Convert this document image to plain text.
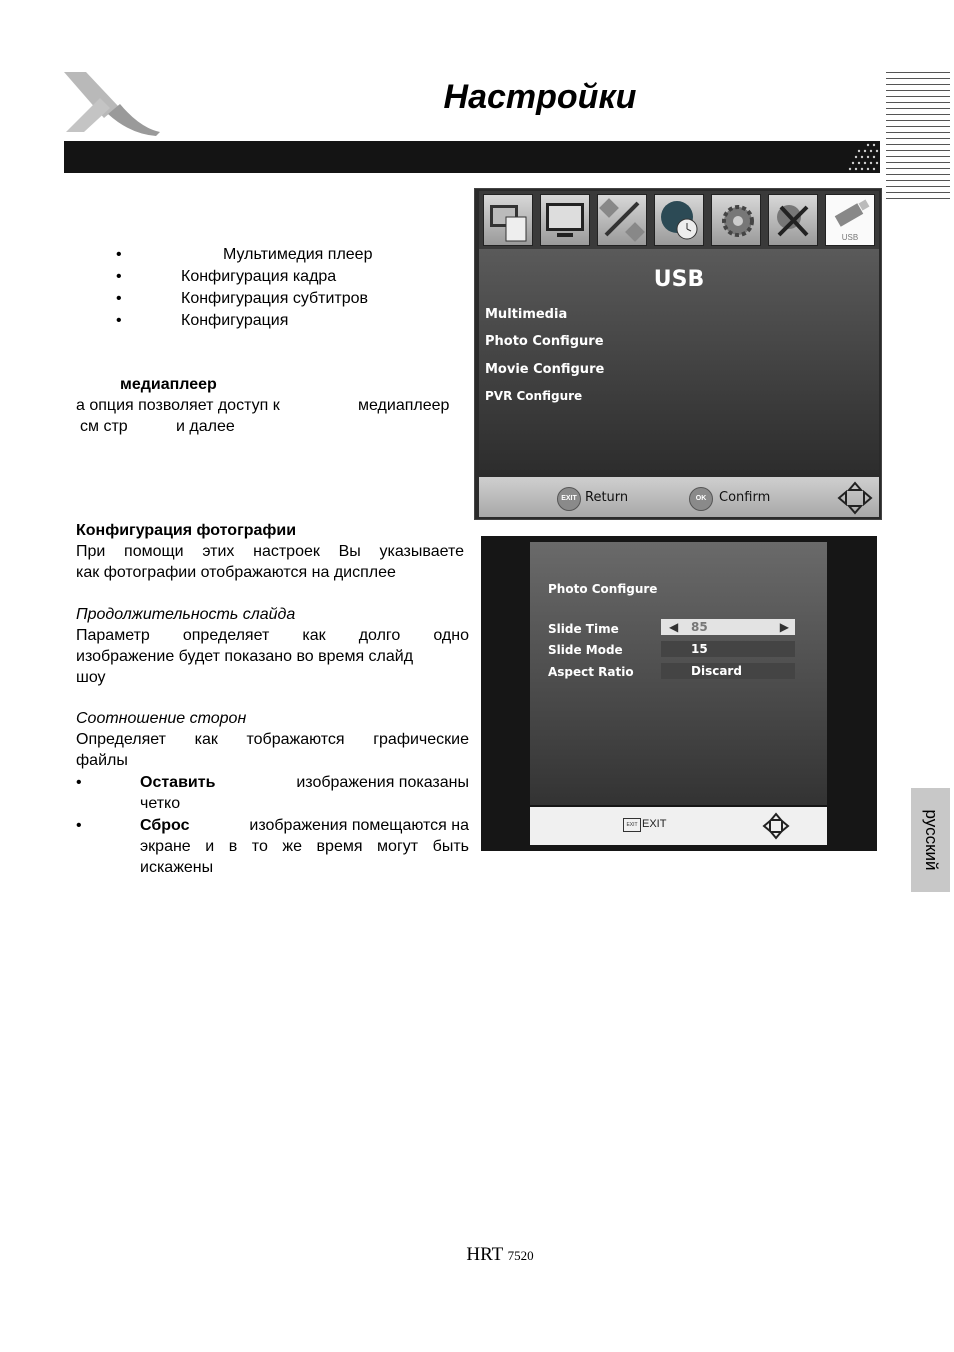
Настройки
•	Мультимедия плеер
•	Конфигурация кадра
•	Конфигурация субтитров
•	Конфигурация
медиаплеер
а опция позволяет доступ к	медиаплеер
см стр	и далее
Конфигурация фотографии
При помощи этих настроек Вы указываете
как фотографии отображаются на дисплее
Продолжительность слайда
Параметр определяет как долго одно
изображение будет показано во время слайд
шоу
Соотношение сторон
Определяет как тображаются графические
файлы
•	Оставить	изображения показаны
четко
•	Сброс	изображения помещаются на
экране и в то же время могут быть
искажены
USB
USB
Multimedia
Photo Configure
Movie Configure
PVR Configure
EXIT Return	OK Confirm
Photo Configure
Slide Time	◀ 85	▶
Slide Mode	15
Aspect Ratio	Discard
EXIT EXIT	русский
HRT 7520
